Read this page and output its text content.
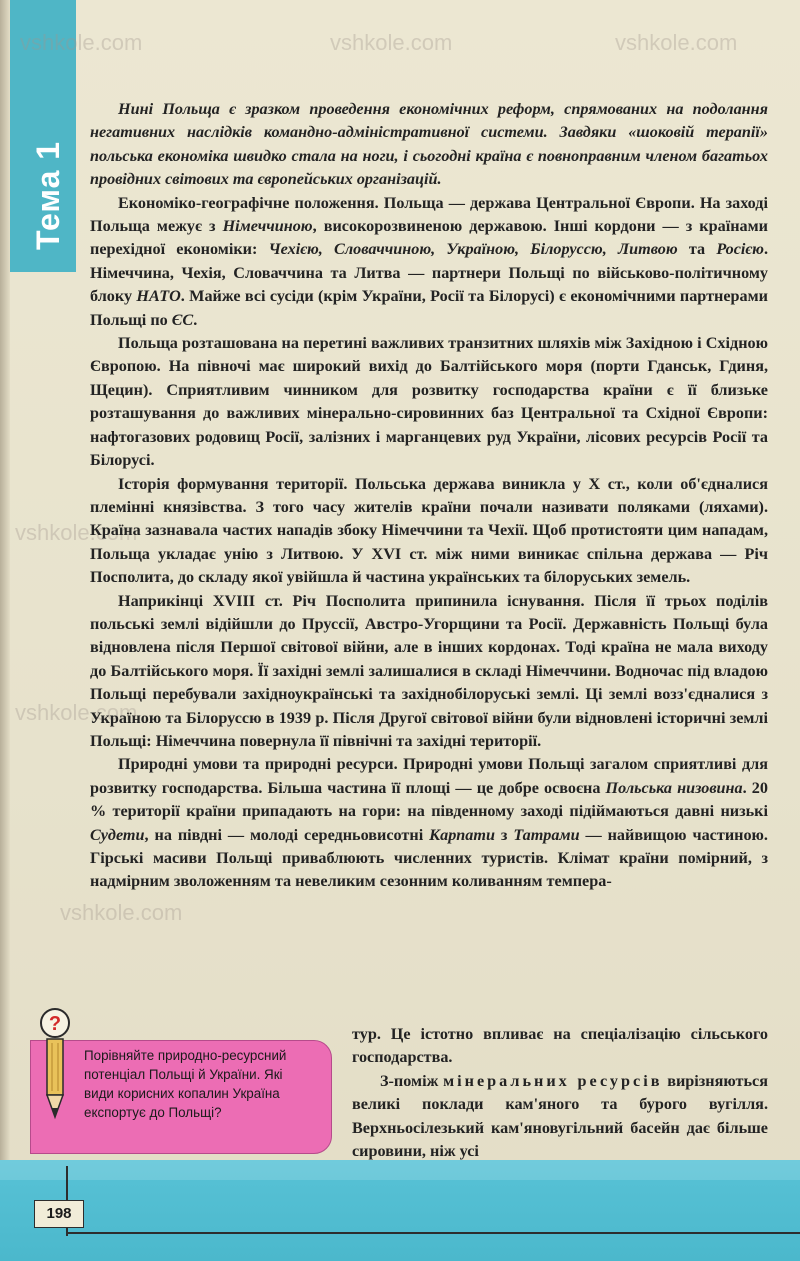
Тема 1
vshkole.com	vshkole.com	vshkole.com
vshkole.com
vshkole.com
vshkole.com

Нині Польща є зразком проведення економічних реформ, спрямованих на подолання негативних наслідків командно-адміністративної системи. Завдяки «шоковій терапії» польська економіка швидко стала на ноги, і сьогодні країна є повноправним членом багатьох провідних світових та європейських організацій.

Економіко-географічне положення. Польща — держава Центральної Європи. На заході Польща межує з Німеччиною, високорозвиненою державою. Інші кордони — з країнами перехідної економіки: Чехією, Словаччиною, Україною, Білоруссю, Литвою та Росією. Німеччина, Чехія, Словаччина та Литва — партнери Польщі по військово-політичному блоку НАТО. Майже всі сусіди (крім України, Росії та Білорусі) є економічними партнерами Польщі по ЄС.

Польща розташована на перетині важливих транзитних шляхів між Західною і Східною Європою. На півночі має широкий вихід до Балтійського моря (порти Гданськ, Гдиня, Щецин). Сприятливим чинником для розвитку господарства країни є її близьке розташування до важливих мінерально-сировинних баз Центральної та Східної Європи: нафтогазових родовищ Росії, залізних і марганцевих руд України, лісових ресурсів Росії та Білорусі.

Історія формування території. Польська держава виникла у X ст., коли об'єдналися племінні князівства. З того часу жителів країни почали називати поляками (ляхами). Країна зазнавала частих нападів збоку Німеччини та Чехії. Щоб протистояти цим нападам, Польща укладає унію з Литвою. У XVI ст. між ними виникає спільна держава — Річ Посполита, до складу якої увійшла й частина українських та білоруських земель.

Наприкінці XVIII ст. Річ Посполита припинила існування. Після її трьох поділів польські землі відійшли до Пруссії, Австро-Угорщини та Росії. Державність Польщі була відновлена після Першої світової війни, але в інших кордонах. Тоді країна не мала виходу до Балтійського моря. Її західні землі залишалися в складі Німеччини. Водночас під владою Польщі перебували західноукраїнські та західнобілоруські землі. Ці землі возз'єдналися з Україною та Білоруссю в 1939 р. Після Другої світової війни були відновлені історичні землі Польщі: Німеччина повернула її північні та західні території.

Природні умови та природні ресурси. Природні умови Польщі загалом сприятливі для розвитку господарства. Більша частина її площі — це добре освоєна Польська низовина. 20 % території країни припадають на гори: на південному заході підіймаються давні низькі Судети, на півдні — молоді середньовисотні Карпати з Татрами — найвищою частиною. Гірські масиви Польщі приваблюють численних туристів. Клімат країни помірний, з надмірним зволоженням та невеликим сезонним коливанням темпера-

тур. Це істотно впливає на спеціалізацію сільського господарства.

З-поміж мінеральних ресурсів вирізняються великі поклади кам'яного та бурого вугілля. Верхньосілезький кам'яновугільний басейн дає більше сировини, ніж усі

?
Порівняйте природно-ресурсний потенціал Польщі й України. Які види корисних копалин Україна експортує до Польщі?
198
